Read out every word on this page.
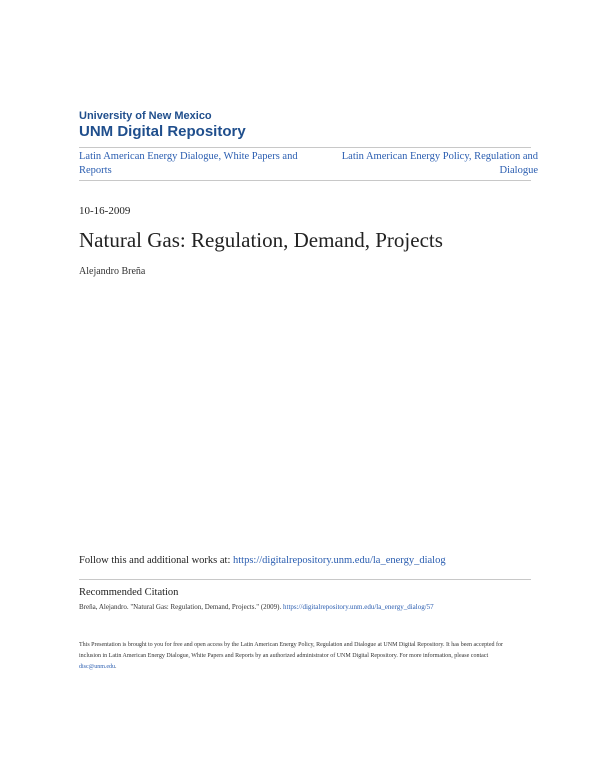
University of New Mexico
UNM Digital Repository
Latin American Energy Dialogue, White Papers and Reports
Latin American Energy Policy, Regulation and Dialogue
10-16-2009
Natural Gas: Regulation, Demand, Projects
Alejandro Breña
Follow this and additional works at: https://digitalrepository.unm.edu/la_energy_dialog
Recommended Citation
Breña, Alejandro. "Natural Gas: Regulation, Demand, Projects." (2009). https://digitalrepository.unm.edu/la_energy_dialog/57
This Presentation is brought to you for free and open access by the Latin American Energy Policy, Regulation and Dialogue at UNM Digital Repository. It has been accepted for inclusion in Latin American Energy Dialogue, White Papers and Reports by an authorized administrator of UNM Digital Repository. For more information, please contact disc@unm.edu.
